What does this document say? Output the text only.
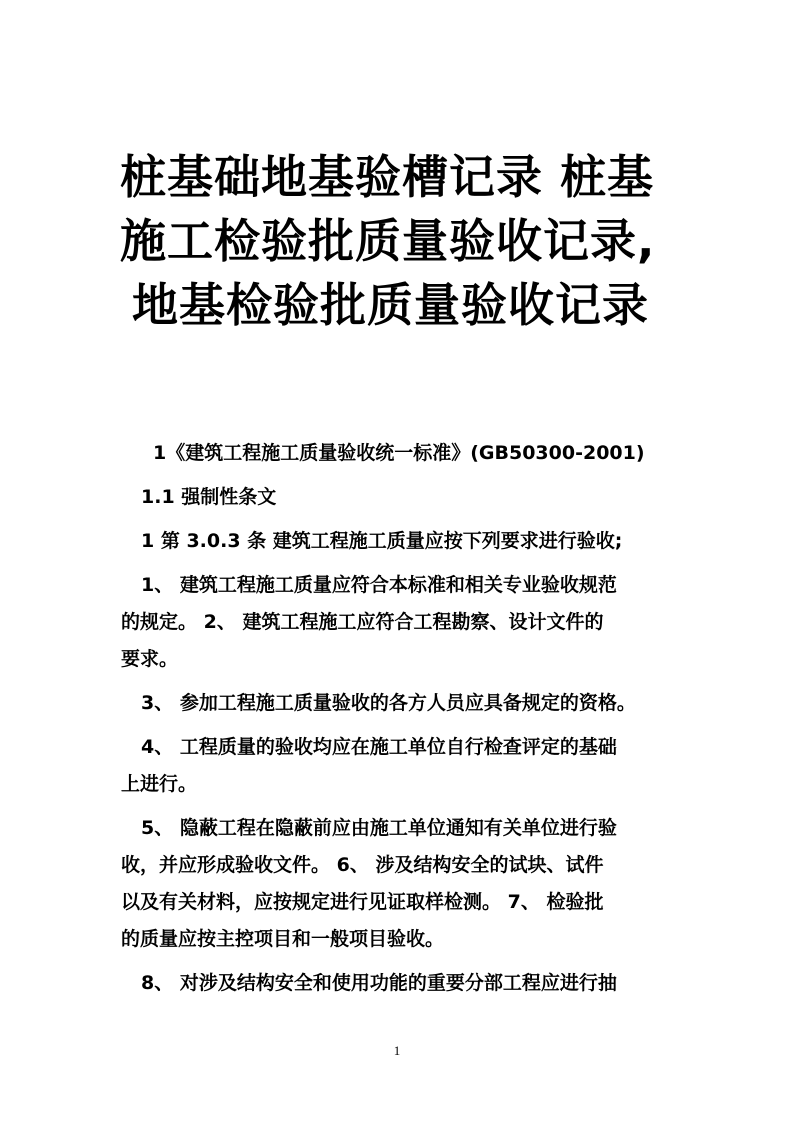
桩基础地基验槽记录 桩基
施工检验批质量验收记录,
地基检验批质量验收记录
1《建筑工程施工质量验收统一标准》(GB50300-2001)
1.1 强制性条文
1 第 3.0.3 条 建筑工程施工质量应按下列要求进行验收;
1、 建筑工程施工质量应符合本标准和相关专业验收规范
的规定。 2、 建筑工程施工应符合工程勘察、设计文件的
要求。
3、 参加工程施工质量验收的各方人员应具备规定的资格。
4、 工程质量的验收均应在施工单位自行检查评定的基础
上进行。
5、 隐蔽工程在隐蔽前应由施工单位通知有关单位进行验
收，并应形成验收文件。 6、 涉及结构安全的试块、试件
以及有关材料，应按规定进行见证取样检测。 7、 检验批
的质量应按主控项目和一般项目验收。
8、 对涉及结构安全和使用功能的重要分部工程应进行抽
1
